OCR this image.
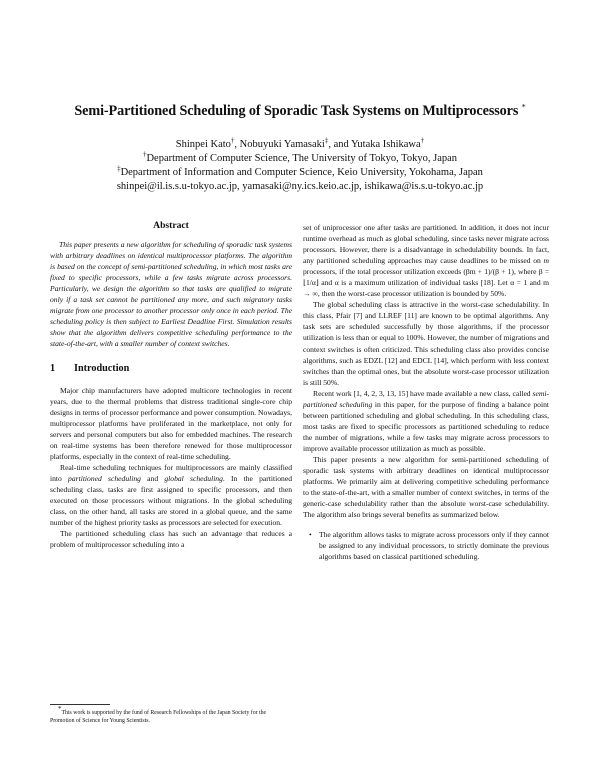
Semi-Partitioned Scheduling of Sporadic Task Systems on Multiprocessors *
Shinpei Kato†, Nobuyuki Yamasaki‡, and Yutaka Ishikawa†
†Department of Computer Science, The University of Tokyo, Tokyo, Japan
‡Department of Information and Computer Science, Keio University, Yokohama, Japan
shinpei@il.is.s.u-tokyo.ac.jp, yamasaki@ny.ics.keio.ac.jp, ishikawa@is.s.u-tokyo.ac.jp
Abstract

This paper presents a new algorithm for scheduling of sporadic task systems with arbitrary deadlines on identical multiprocessor platforms. The algorithm is based on the concept of semi-partitioned scheduling, in which most tasks are fixed to specific processors, while a few tasks migrate across processors. Particularly, we design the algorithm so that tasks are qualified to migrate only if a task set cannot be partitioned any more, and such migratory tasks migrate from one processor to another processor only once in each period. The scheduling policy is then subject to Earliest Deadline First. Simulation results show that the algorithm delivers competitive scheduling performance to the state-of-the-art, with a smaller number of context switches.

1 Introduction

Major chip manufacturers have adopted multicore technologies in recent years, due to the thermal problems that distress traditional single-core chip designs in terms of processor performance and power consumption. Nowadays, multiprocessor platforms have proliferated in the marketplace, not only for servers and personal computers but also for embedded machines. The research on real-time systems has been therefore renewed for those multiprocessor platforms, especially in the context of real-time scheduling.

Real-time scheduling techniques for multiprocessors are mainly classified into partitioned scheduling and global scheduling. In the partitioned scheduling class, tasks are first assigned to specific processors, and then executed on those processors without migrations. In the global scheduling class, on the other hand, all tasks are stored in a global queue, and the same number of the highest priority tasks as processors are selected for execution.

The partitioned scheduling class has such an advantage that reduces a problem of multiprocessor scheduling into a

*This work is supported by the fund of Research Fellowships of the Japan Society for the Promotion of Science for Young Scientists.

set of uniprocessor one after tasks are partitioned. In addition, it does not incur runtime overhead as much as global scheduling, since tasks never migrate across processors. However, there is a disadvantage in schedulability bounds. In fact, any partitioned scheduling approaches may cause deadlines to be missed on m processors, if the total processor utilization exceeds (βm + 1)/(β + 1), where β = ⌊1/α⌋ and α is a maximum utilization of individual tasks [18]. Let α = 1 and m → ∞, then the worst-case processor utilization is bounded by 50%.

The global scheduling class is attractive in the worst-case schedulability. In this class, Pfair [7] and LLREF [11] are known to be optimal algorithms. Any task sets are scheduled successfully by those algorithms, if the processor utilization is less than or equal to 100%. However, the number of migrations and context switches is often criticized. This scheduling class also provides concise algorithms, such as EDZL [12] and EDCL [14], which perform with less context switches than the optimal ones, but the absolute worst-case processor utilization is still 50%.

Recent work [1, 4, 2, 3, 13, 15] have made available a new class, called semi-partitioned scheduling in this paper, for the purpose of finding a balance point between partitioned scheduling and global scheduling. In this scheduling class, most tasks are fixed to specific processors as partitioned scheduling to reduce the number of migrations, while a few tasks may migrate across processors to improve available processor utilization as much as possible.

This paper presents a new algorithm for semi-partitioned scheduling of sporadic task systems with arbitrary deadlines on identical multiprocessor platforms. We primarily aim at delivering competitive scheduling performance to the state-of-the-art, with a smaller number of context switches, in terms of the generic-case schedulability rather than the absolute worst-case schedulability. The algorithm also brings several benefits as summarized below.

• The algorithm allows tasks to migrate across processors only if they cannot be assigned to any individual processors, to strictly dominate the previous algorithms based on classical partitioned scheduling.
